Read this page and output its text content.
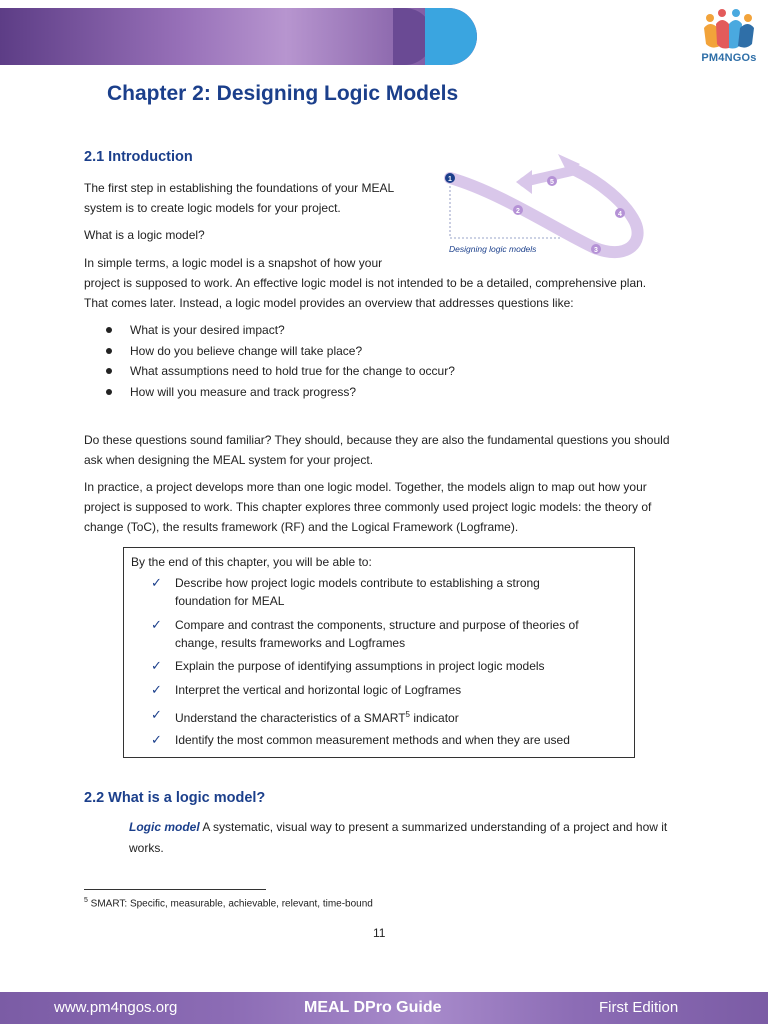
PM4NGOs
Chapter 2: Designing Logic Models
2.1 Introduction

The first step in establishing the foundations of your MEAL system is to create logic models for your project.

What is a logic model?

In simple terms, a logic model is a snapshot of how your

project is supposed to work. An effective logic model is not intended to be a detailed, comprehensive plan. That comes later. Instead, a logic model provides an overview that addresses questions like:

1
2
3
4
5
Designing logic models
What is your desired impact?
How do you believe change will take place?
What assumptions need to hold true for the change to occur?
How will you measure and track progress?

Do these questions sound familiar? They should, because they are also the fundamental questions you should ask when designing the MEAL system for your project.

In practice, a project develops more than one logic model. Together, the models align to map out how your project is supposed to work. This chapter explores three commonly used project logic models: the theory of change (ToC), the results framework (RF) and the Logical Framework (Logframe).

By the end of this chapter, you will be able to:
✓ Describe how project logic models contribute to establishing a strong foundation for MEAL
✓ Compare and contrast the components, structure and purpose of theories of change, results frameworks and Logframes
✓ Explain the purpose of identifying assumptions in project logic models
✓ Interpret the vertical and horizontal logic of Logframes
✓ Understand the characteristics of a SMART$^5$ indicator
✓ Identify the most common measurement methods and when they are used
2.2 What is a logic model?

Logic model A systematic, visual way to present a summarized understanding of a project and how it works.

$^5$ SMART: Specific, measurable, achievable, relevant, time-bound
11
www.pm4ngos.org	MEAL DPro Guide	First Edition
